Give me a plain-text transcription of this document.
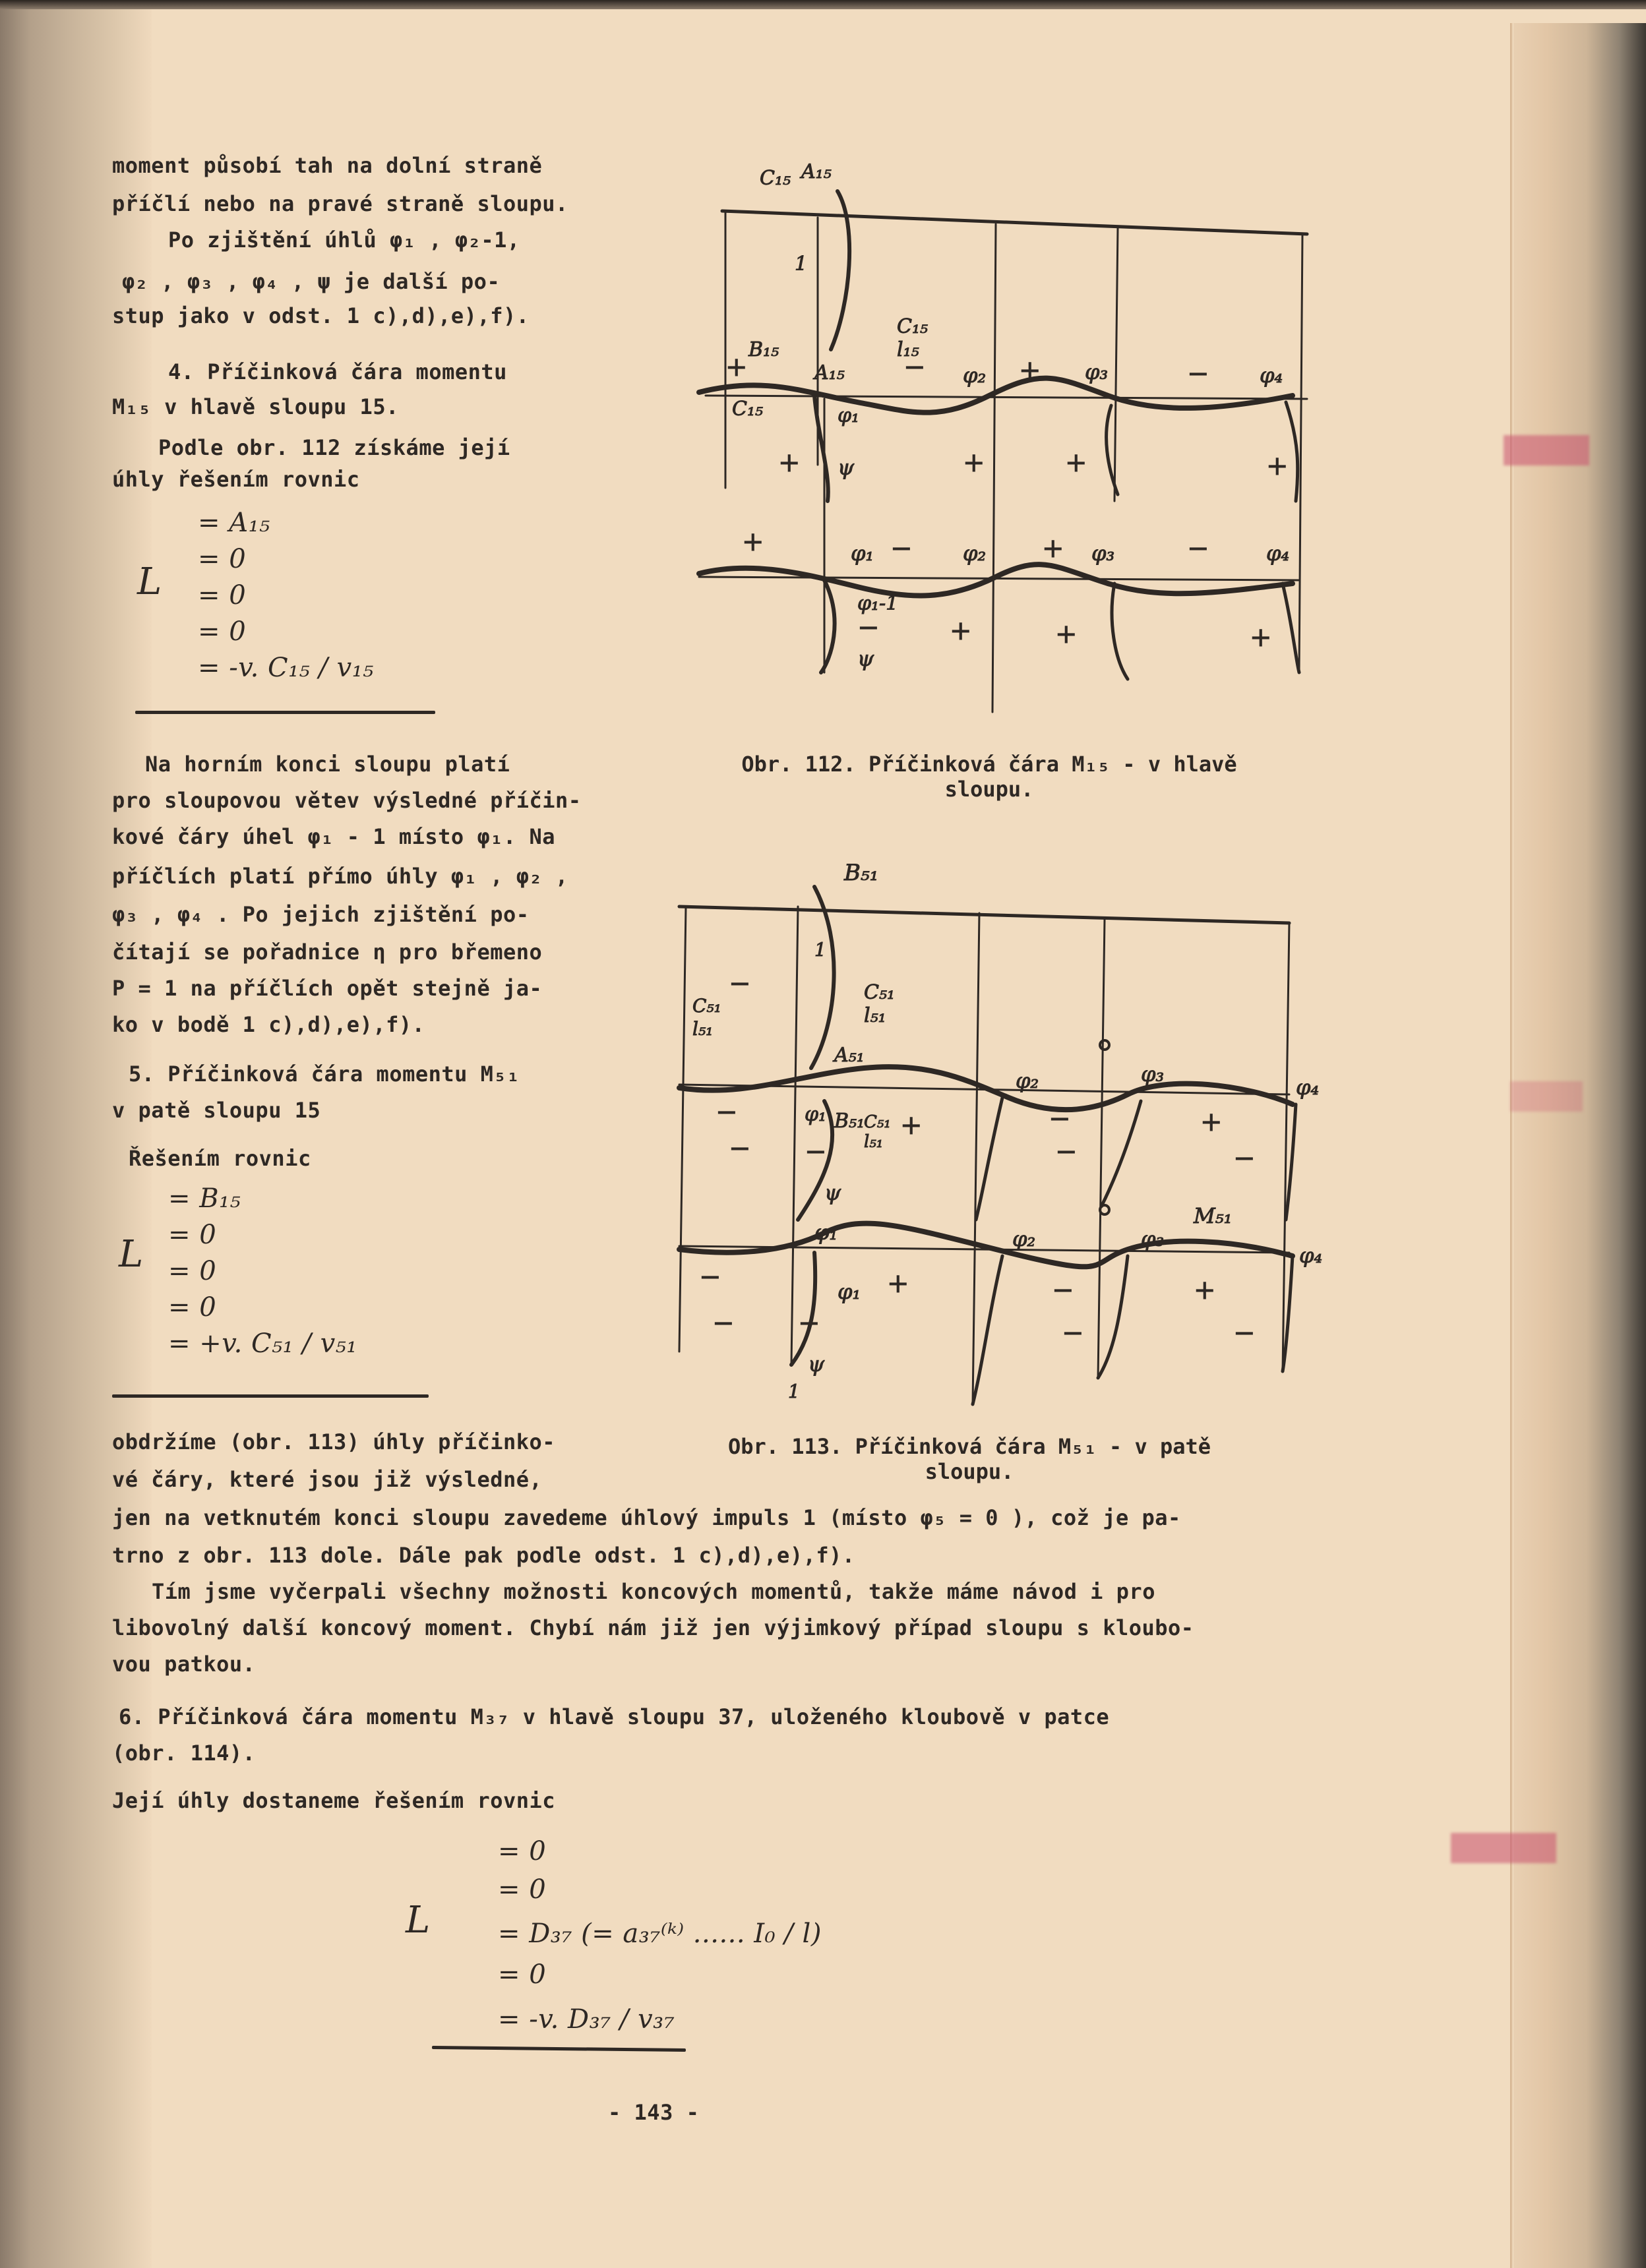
moment působí tah na dolní straně
příčlí nebo na pravé straně sloupu.
Po zjištění úhlů φ₁ , φ₂-1,
φ₂ , φ₃ , φ₄ , ψ je další po-
stup jako v odst. 1 c),d),e),f).
4. Příčinková čára momentu
M₁₅ v hlavě sloupu 15.
Podle obr. 112 získáme její
úhly řešením rovnic
L
= A₁₅
= 0
= 0
= 0
= -v. C₁₅ / v₁₅
Na horním konci sloupu platí
pro sloupovou větev výsledné příčin-
kové čáry úhel φ₁ - 1 místo φ₁. Na
příčlích platí přímo úhly φ₁ , φ₂ ,
φ₃ , φ₄ . Po jejich zjištění po-
čítají se pořadnice η pro břemeno
P = 1 na příčlích opět stejně ja-
ko v bodě 1 c),d),e),f).
5. Příčinková čára momentu M₅₁
v patě sloupu 15
Řešením rovnic
L
= B₁₅
= 0
= 0
= 0
= +v. C₅₁ / v₅₁
obdržíme (obr. 113) úhly příčinko-
vé čáry, které jsou již výsledné,
jen na vetknutém konci sloupu zavedeme úhlový impuls 1 (místo φ₅ = 0 ), což je pa-
trno z obr. 113 dole. Dále pak podle odst. 1 c),d),e),f).
Tím jsme vyčerpali všechny možnosti koncových momentů, takže máme návod i pro
libovolný další koncový moment. Chybí nám již jen výjimkový případ sloupu s kloubo-
vou patkou.
6. Příčinková čára momentu M₃₇ v hlavě sloupu 37, uloženého kloubově v patce
(obr. 114).
Její úhly dostaneme řešením rovnic
L
= 0
= 0
= D₃₇ (= a₃₇⁽ᵏ⁾ ...... I₀ / l)
= 0
= -v. D₃₇ / v₃₇
- 143 -
C₁₅ A₁₅
B₁₅
1
C₁₅
l₁₅
A₁₅
C₁₅	φ₁
ψ
φ₂	φ₃	φ₄
φ₁	φ₂	φ₃	φ₄
φ₁-1
ψ
+	−	+	−
+	+	+	+
+	−	+	−
−	+	+	+
Obr. 112. Příčinková čára M₁₅ - v hlavě
sloupu.
B₅₁
C₅₁
l₅₁
C₅₁
l₅₁
1
A₅₁
φ₁ B₅₁
C₅₁
l₅₁
ψ
φ₂	φ₃
φ₄
φ₁	φ₂	φ₃
M₅₁
φ₄
φ₁
ψ
1
−
−
−
+
−
−
−
+
−
−	+	−	+
− −	−	−
Obr. 113. Příčinková čára M₅₁ - v patě
sloupu.
